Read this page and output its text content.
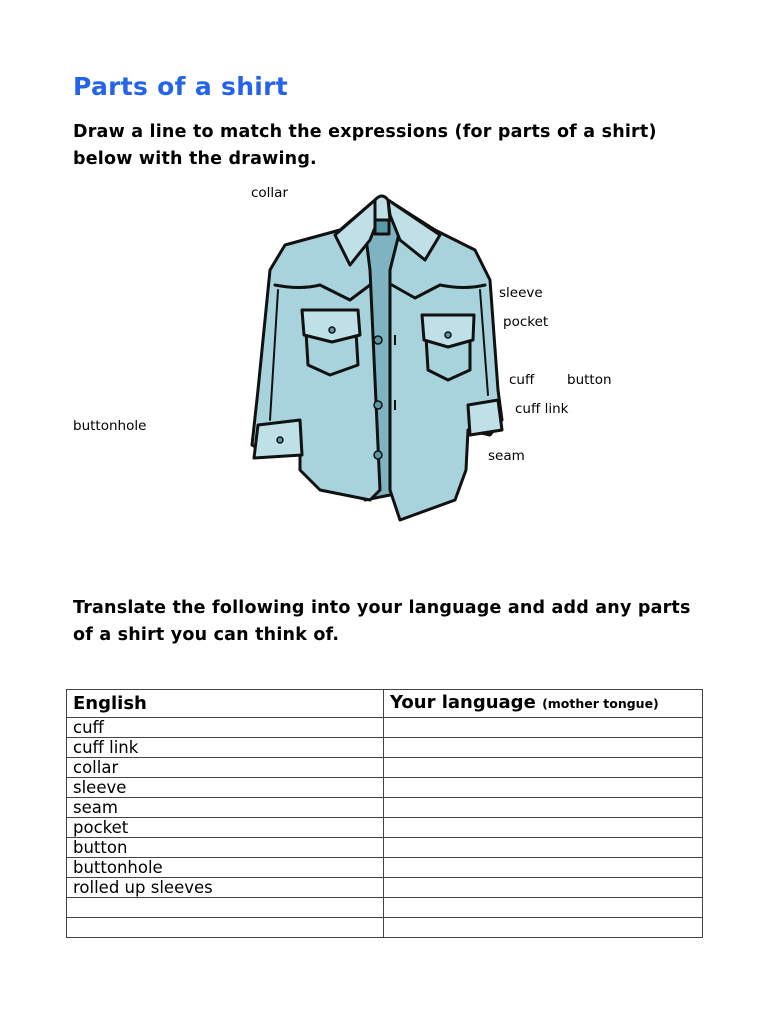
Parts of a shirt

Draw a line to match the expressions (for parts of a shirt) below with the drawing.

collar
sleeve
pocket
cuff button
cuff link
buttonhole
seam

Translate the following into your language and add any parts of a shirt you can think of.

English	Your language (mother tongue)
cuff	
cuff link	
collar	
sleeve	
seam	
pocket	
button	
buttonhole	
rolled up sleeves	
